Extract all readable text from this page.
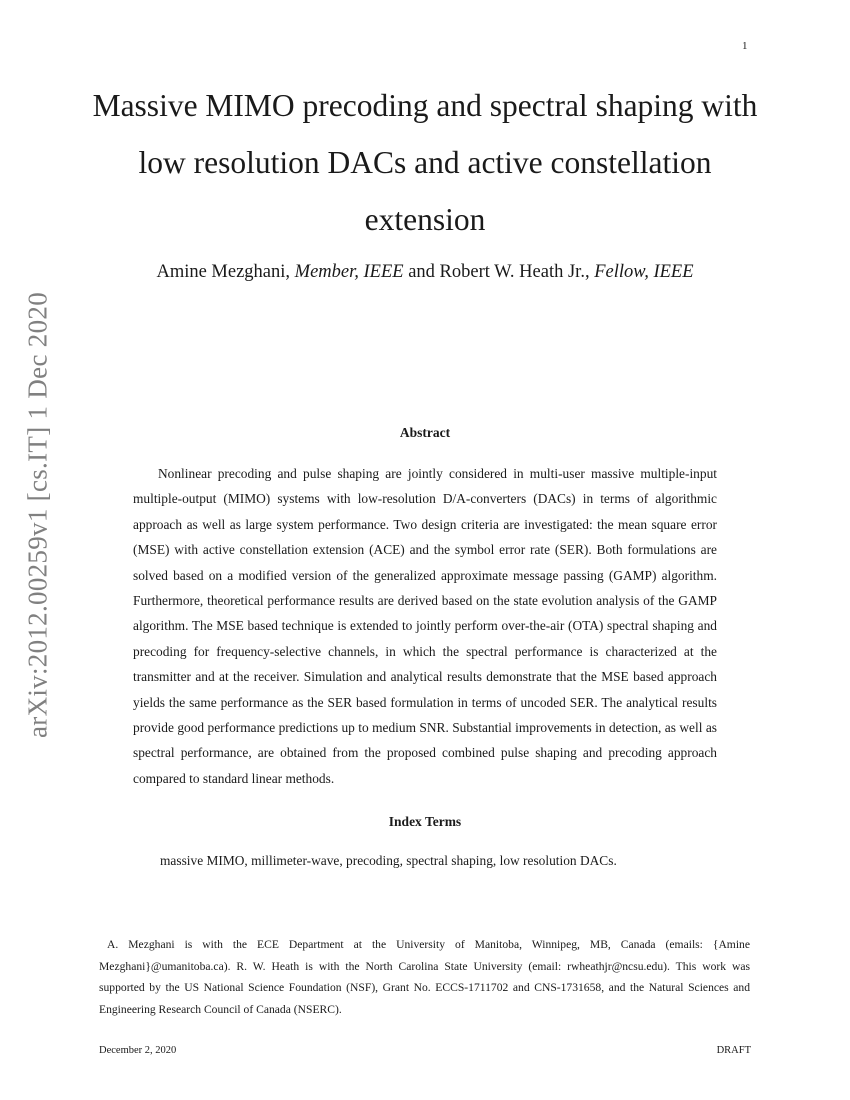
1
arXiv:2012.00259v1 [cs.IT] 1 Dec 2020
Massive MIMO precoding and spectral shaping with low resolution DACs and active constellation extension
Amine Mezghani, Member, IEEE and Robert W. Heath Jr., Fellow, IEEE
Abstract

Nonlinear precoding and pulse shaping are jointly considered in multi-user massive multiple-input multiple-output (MIMO) systems with low-resolution D/A-converters (DACs) in terms of algorithmic approach as well as large system performance. Two design criteria are investigated: the mean square error (MSE) with active constellation extension (ACE) and the symbol error rate (SER). Both formulations are solved based on a modified version of the generalized approximate message passing (GAMP) algorithm. Furthermore, theoretical performance results are derived based on the state evolution analysis of the GAMP algorithm. The MSE based technique is extended to jointly perform over-the-air (OTA) spectral shaping and precoding for frequency-selective channels, in which the spectral performance is characterized at the transmitter and at the receiver. Simulation and analytical results demonstrate that the MSE based approach yields the same performance as the SER based formulation in terms of uncoded SER. The analytical results provide good performance predictions up to medium SNR. Substantial improvements in detection, as well as spectral performance, are obtained from the proposed combined pulse shaping and precoding approach compared to standard linear methods.

Index Terms

massive MIMO, millimeter-wave, precoding, spectral shaping, low resolution DACs.

A. Mezghani is with the ECE Department at the University of Manitoba, Winnipeg, MB, Canada (emails: {Amine Mezghani}@umanitoba.ca). R. W. Heath is with the North Carolina State University (email: rwheathjr@ncsu.edu). This work was supported by the US National Science Foundation (NSF), Grant No. ECCS-1711702 and CNS-1731658, and the Natural Sciences and Engineering Research Council of Canada (NSERC).

December 2, 2020	DRAFT
